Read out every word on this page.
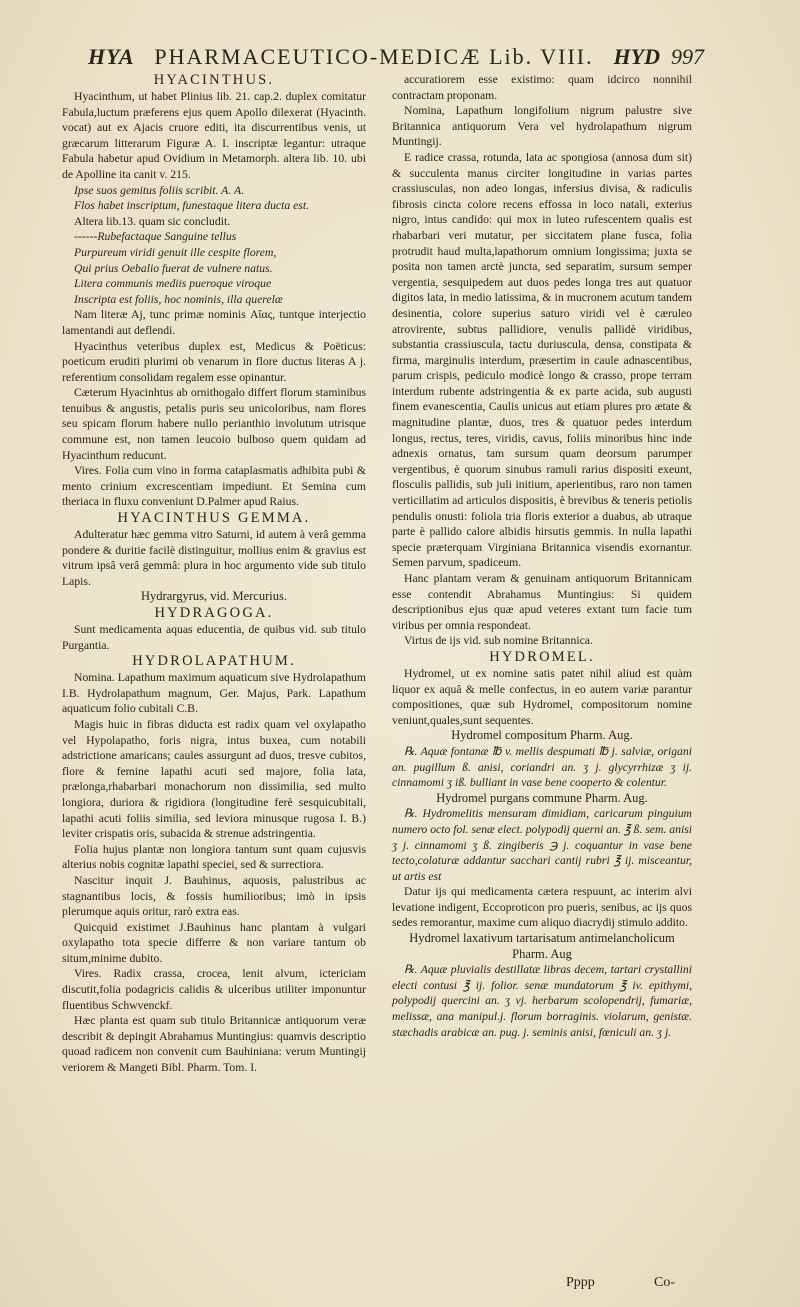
HYA PHARMACEUTICO-MEDICÆ Lib. VIII. HYD 997

HYACINTHUS.

Hyacinthum, ut habet Plinius lib. 21. cap.2. duplex comitatur Fabula,luctum præferens ejus quem Apollo dilexerat (Hyacinth. vocat) aut ex Ajacis cruore editi, ita discurrentibus venis, ut græcarum litterarum Figuræ A. I. inscriptæ legantur: utraque Fabula habetur apud Ovidium in Metamorph. altera lib. 10. ubi de Apolline ita canit v. 215.

Ipse suos gemitus foliis scribit. A. A.

Flos habet inscriptum, funestaque litera ducta est.

Altera lib.13. quam sic concludit.

------Rubefactaque Sanguine tellus

Purpureum viridi genuit ille cespite florem,

Qui prius Oebalio fuerat de vulnere natus.

Litera communis mediis pueroque viroque

Inscripta est foliis, hoc nominis, illa querelæ

Nam literæ Aj, tunc primæ nominis Αἴας, tuntque interjectio lamentandi aut deflendi.

Hyacinthus veteribus duplex est, Medicus & Poëticus: poeticum eruditi plurimi ob venarum in flore ductus literas A j. referentium consolidam regalem esse opinantur.

Cæterum Hyacinhtus ab ornithogalo differt florum staminibus tenuibus & angustis, petalis puris seu unicoloribus, nam flores seu spicam florum habere nullo perianthio involutum utrisque commune est, non tamen leucoio bulboso quem quidam ad Hyacinthum reducunt.

Vires. Folia cum vino in forma cataplasmatis adhibita pubi & mento crinium excrescentiam impediunt. Et Semina cum theriaca in fluxu conveniunt D.Palmer apud Raius.

HYACINTHUS GEMMA.

Adulteratur hæc gemma vitro Saturni, id autem à verâ gemma pondere & duritie facilè distinguitur, mollius enim & gravius est vitrum ipsâ verâ gemmâ: plura in hoc argumento vide sub titulo Lapis.

Hydrargyrus, vid. Mercurius.

HYDRAGOGA.

Sunt medicamenta aquas educentia, de quibus vid. sub titulo Purgantia.

HYDROLAPATHUM.

Nomina. Lapathum maximum aquaticum sive Hydrolapathum I.B. Hydrolapathum magnum, Ger. Majus, Park. Lapathum aquaticum folio cubitali C.B.

Magis huic in fibras diducta est radix quam vel oxylapatho vel Hypolapatho, foris nigra, intus buxea, cum notabili adstrictione amaricans; caules assurgunt ad duos, tresve cubitos, flore & femine lapathi acuti sed majore, folia lata, prælonga,rhabarbari monachorum non dissimilia, sed multo longiora, duriora & rigidiora (longitudine ferè sesquicubitali, lapathi acuti foliis similia, sed leviora minusque rugosa I. B.) leviter crispatis oris, subacida & strenue adstringentia.

Folia hujus plantæ non longiora tantum sunt quam cujusvis alterius nobis cognitæ lapathi speciei, sed & surrectiora.

Nascitur inquit J. Bauhinus, aquosis, palustribus ac stagnantibus locis, & fossis humilioribus; imò in ipsis plerumque aquis oritur, rarò extra eas.

Quicquid existimet J.Bauhinus hanc plantam à vulgari oxylapatho tota specie differre & non variare tantum ob situm,minime dubito.

Vires. Radix crassa, crocea, lenit alvum, ictericiam discutit,folia podagricis calidis & ulceribus utiliter imponuntur fluentibus Schwvenckf.

Hæc planta est quam sub titulo Britannicæ antiquorum veræ describit & depingit Abrahamus Muntingius: quamvis descriptio quoad radicem non convenit cum Bauhiniana: verum Muntingij veriorem & Mangeti Bibl. Pharm. Tom. I.

accuratiorem esse existimo: quam idcirco nonnihil contractam proponam.

Nomina, Lapathum longifolium nigrum palustre sive Britannica antiquorum Vera vel hydrolapathum nigrum Muntingij.

E radice crassa, rotunda, lata ac spongiosa (annosa dum sit) & succulenta manus circiter longitudine in varias partes crassiusculas, non adeo longas, infersius divisa, & radiculis fibrosis cincta colore recens effossa in loco natali, exterius nigro, intus candido: qui mox in luteo rufescentem qualis est rhabarbari veri mutatur, per siccitatem plane fusca, folia protrudit haud multa,lapathorum omnium longissima; juxta se posita non tamen arctè juncta, sed separatim, sursum semper vergentia, sesquipedem aut duos pedes longa tres aut quatuor digitos lata, in medio latissima, & in mucronem acutum tandem desinentia, colore superius saturo viridi vel è cæruleo atrovirente, subtus pallidiore, venulis pallidè viridibus, substantia crassiuscula, tactu duriuscula, densa, constipata & firma, marginulis interdum, præsertim in caule adnascentibus, parum crispis, pediculo modicè longo & crasso, prope terram interdum rubente adstringentia & ex parte acida, sub augusti finem evanescentia, Caulis unicus aut etiam plures pro ætate & magnitudine plantæ, duos, tres & quatuor pedes interdum longus, rectus, teres, viridis, cavus, foliis minoribus hinc inde adnexis ornatus, tam sursum quam deorsum parumper vergentibus, è quorum sinubus ramuli rarius dispositi exeunt, flosculis pallidis, sub juli initium, aperientibus, raro non tamen verticillatim ad articulos dispositis, è brevibus & teneris petiolis pendulis onusti: foliola tria floris exterior a duabus, ab utraque parte è pallido calore albidis hirsutis gemmis. In nulla lapathi specie præterquam Virginiana Britannica visendis exornantur. Semen parvum, spadiceum.

Hanc plantam veram & genuinam antiquorum Britannicam esse contendit Abrahamus Muntingius: Si quidem descriptionibus ejus quæ apud veteres extant tum facie tum viribus per omnia respondeat.

Virtus de ijs vid. sub nomine Britannica.

HYDROMEL.

Hydromel, ut ex nomine satis patet nihil aliud est quàm liquor ex aquâ & melle confectus, in eo autem variæ parantur compositiones, quæ sub Hydromel, compositorum nomine veniunt,quales,sunt sequentes.

Hydromel compositum Pharm. Aug.

℞. Aquæ fontanæ ℔ v. mellis despumati ℔ j. salviæ, origani an. pugillum ß. anisi, coriandri an. ʒ j. glycyrrhizæ ʒ ij. cinnamomi ʒ iß. bulliant in vase bene cooperto & colentur.

Hydromel purgans commune Pharm. Aug.

℞. Hydromelitis mensuram dimidiam, caricarum pinguium numero octo fol. senæ elect. polypodij querni an. ℥ ß. sem. anisi ʒ j. cinnamomi ʒ ß. zingiberis ℈ j. coquantur in vase bene tecto,colaturæ addantur sacchari cantij rubri ℥ ij. misceantur, ut artis est

Datur ijs qui medicamenta cætera respuunt, ac interim alvi levatione indigent, Eccoproticon pro pueris, senibus, ac ijs quos sedes remorantur, maxime cum aliquo diacrydij stimulo addito.

Hydromel laxativum tartarisatum antimelancholicum Pharm. Aug

℞. Aquæ pluvialis destillatæ libras decem, tartari crystallini electi contusi ℥ ij. folior. senæ mundatorum ℥ iv. epithymi, polypodij quercini an. ʒ vj. herbarum scolopendrij, fumariæ, melissæ, ana manipul.j. florum borraginis. violarum, genistæ. stæchadis arabicæ an. pug. j. seminis anisi, fœniculi an. ʒ j.

Pppp	Co-
